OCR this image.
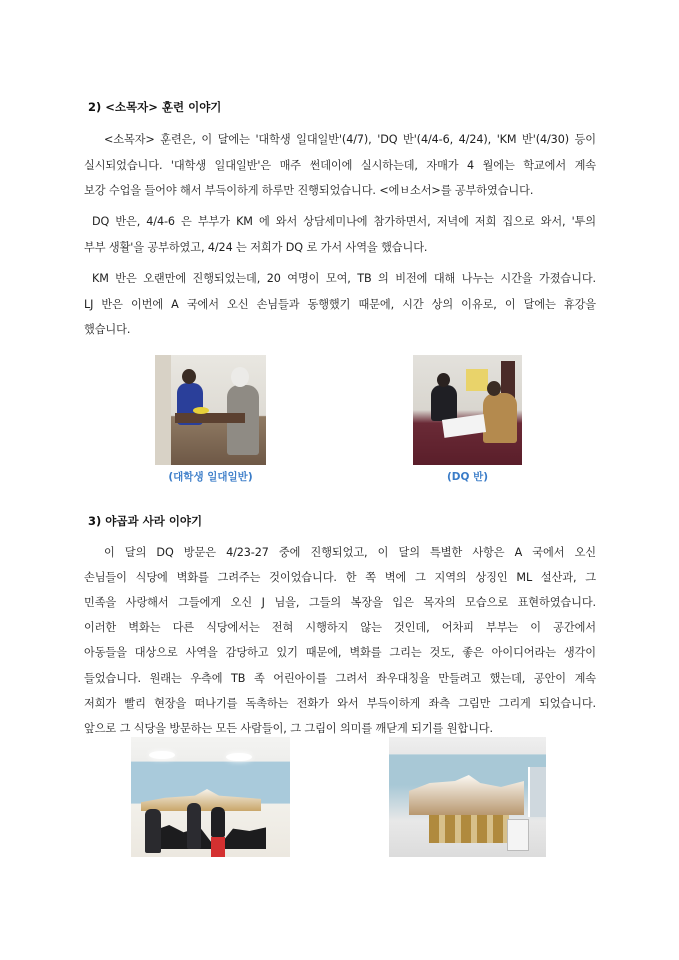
2) <소목자> 훈련 이야기
<소목자> 훈련은, 이 달에는 '대학생 일대일반'(4/7), 'DQ 반'(4/4-6, 4/24), 'KM 반'(4/30) 등이
실시되었습니다. '대학생 일대일반'은 매주 썬데이에 실시하는데, 자매가 4 월에는 학교에서 계속
보강 수업을 들어야 해서 부득이하게 하루만 진행되었습니다. <에ㅂ소서>를 공부하였습니다.
DQ 반은, 4/4-6 은 부부가 KM 에 와서 상담세미나에 참가하면서, 저녁에 저희 집으로 와서, '투의
부부 생활'을 공부하였고, 4/24 는 저희가 DQ 로 가서 사역을 했습니다.
KM 반은 오랜만에 진행되었는데, 20 여명이 모여, TB 의 비전에 대해 나누는 시간을 가졌습니다.
LJ 반은 이번에 A 국에서 오신 손님들과 동행했기 때문에, 시간 상의 이유로, 이 달에는 휴강을
했습니다.
(대학생 일대일반)	(DQ 반)
3) 야곱과 사라 이야기
이 달의 DQ 방문은 4/23-27 중에 진행되었고, 이 달의 특별한 사항은 A 국에서 오신
손님들이 식당에 벽화를 그려주는 것이었습니다. 한 쪽 벽에 그 지역의 상징인 ML 설산과, 그
민족을 사랑해서 그들에게 오신 J 님을, 그들의 복장을 입은 목자의 모습으로 표현하였습니다.
이러한 벽화는 다른 식당에서는 전혀 시행하지 않는 것인데, 어차피 부부는 이 공간에서
아동들을 대상으로 사역을 감당하고 있기 때문에, 벽화를 그리는 것도, 좋은 아이디어라는 생각이
들었습니다. 원래는 우측에 TB 족 어린아이를 그려서 좌우대칭을 만들려고 했는데, 공안이 계속
저희가 빨리 현장을 떠나기를 독촉하는 전화가 와서 부득이하게 좌측 그림만 그리게 되었습니다.
앞으로 그 식당을 방문하는 모든 사람들이, 그 그림이 의미를 깨닫게 되기를 원합니다.
